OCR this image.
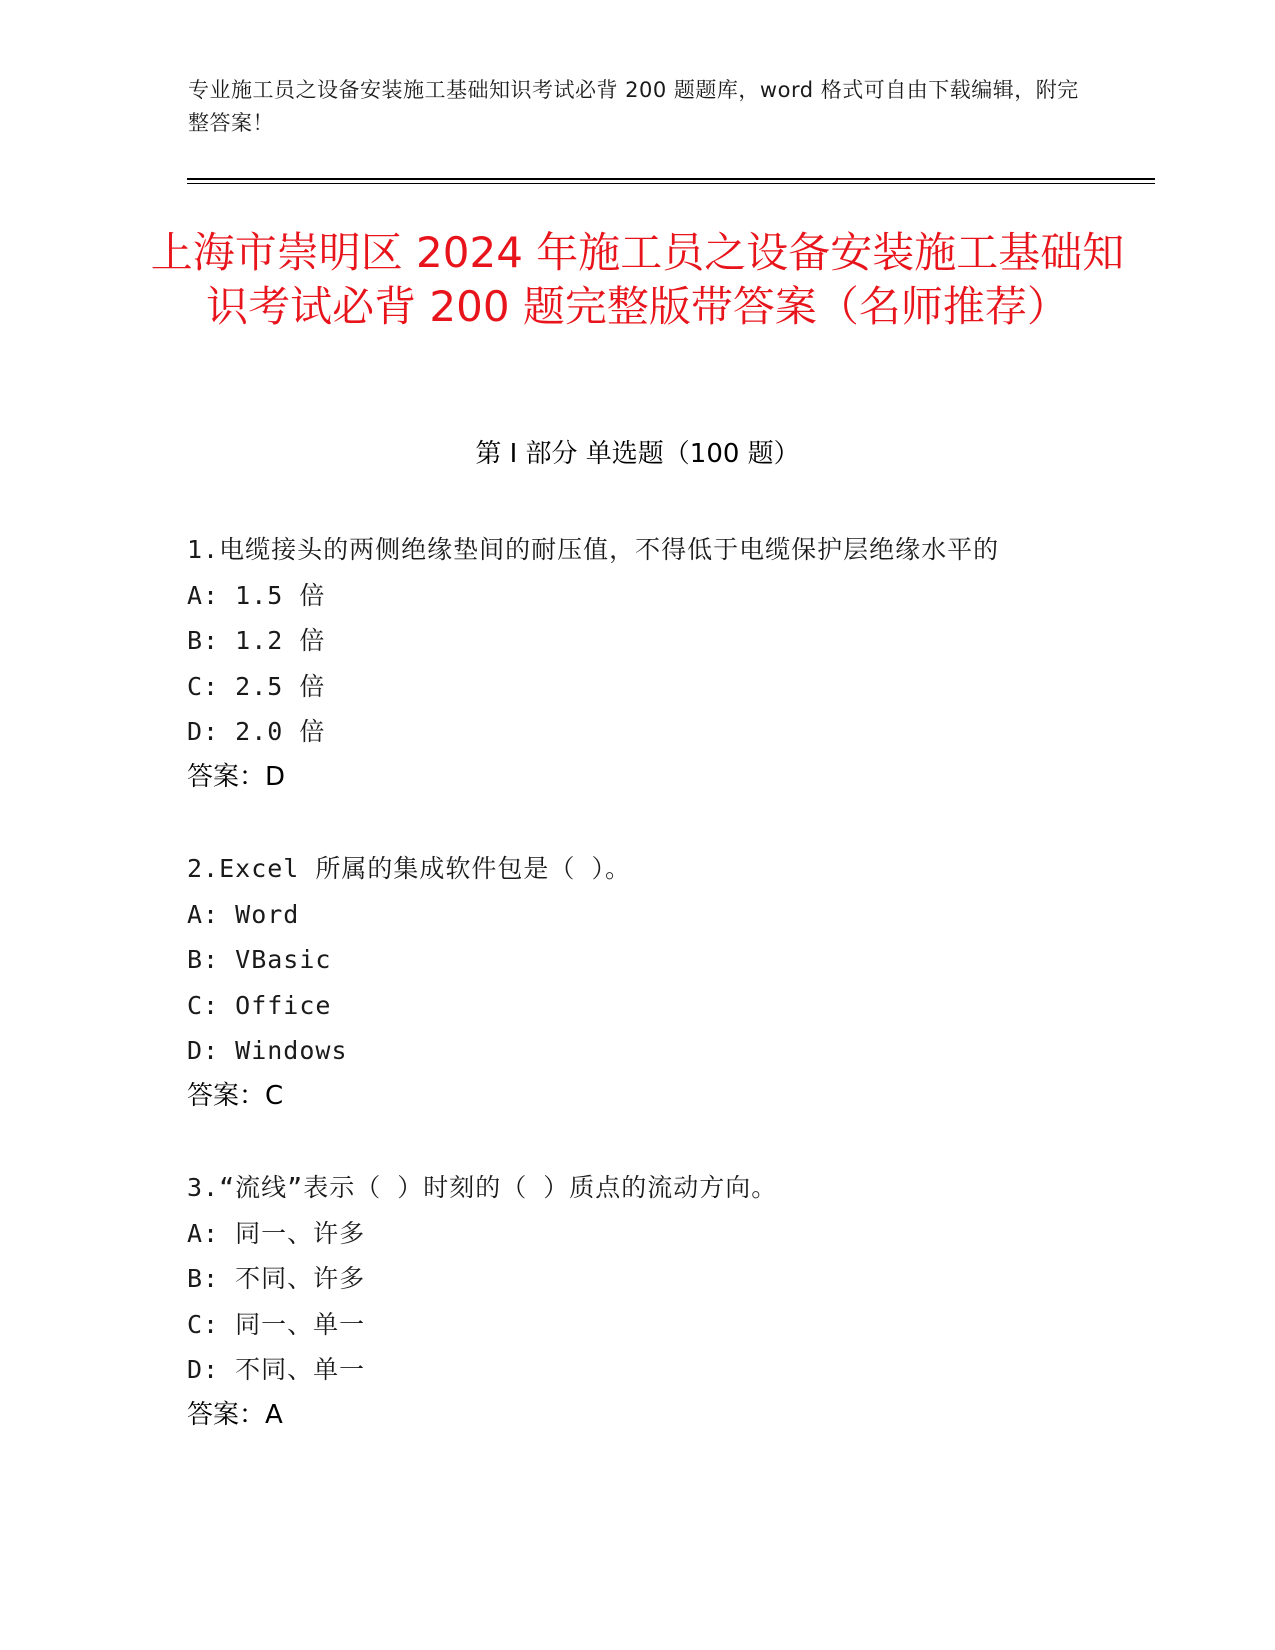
专业施工员之设备安装施工基础知识考试必背 200 题题库，word 格式可自由下载编辑，附完整答案！
上海市崇明区 2024 年施工员之设备安装施工基础知识考试必背 200 题完整版带答案（名师推荐）
第 I 部分 单选题（100 题）
1.电缆接头的两侧绝缘垫间的耐压值，不得低于电缆保护层绝缘水平的
A: 1.5 倍
B: 1.2 倍
C: 2.5 倍
D: 2.0 倍
答案：D
2.Excel 所属的集成软件包是（ ）。
A: Word
B: VBasic
C: Office
D: Windows
答案：C
3.“流线”表示（ ）时刻的（ ）质点的流动方向。
A: 同一、许多
B: 不同、许多
C: 同一、单一
D: 不同、单一
答案：A
